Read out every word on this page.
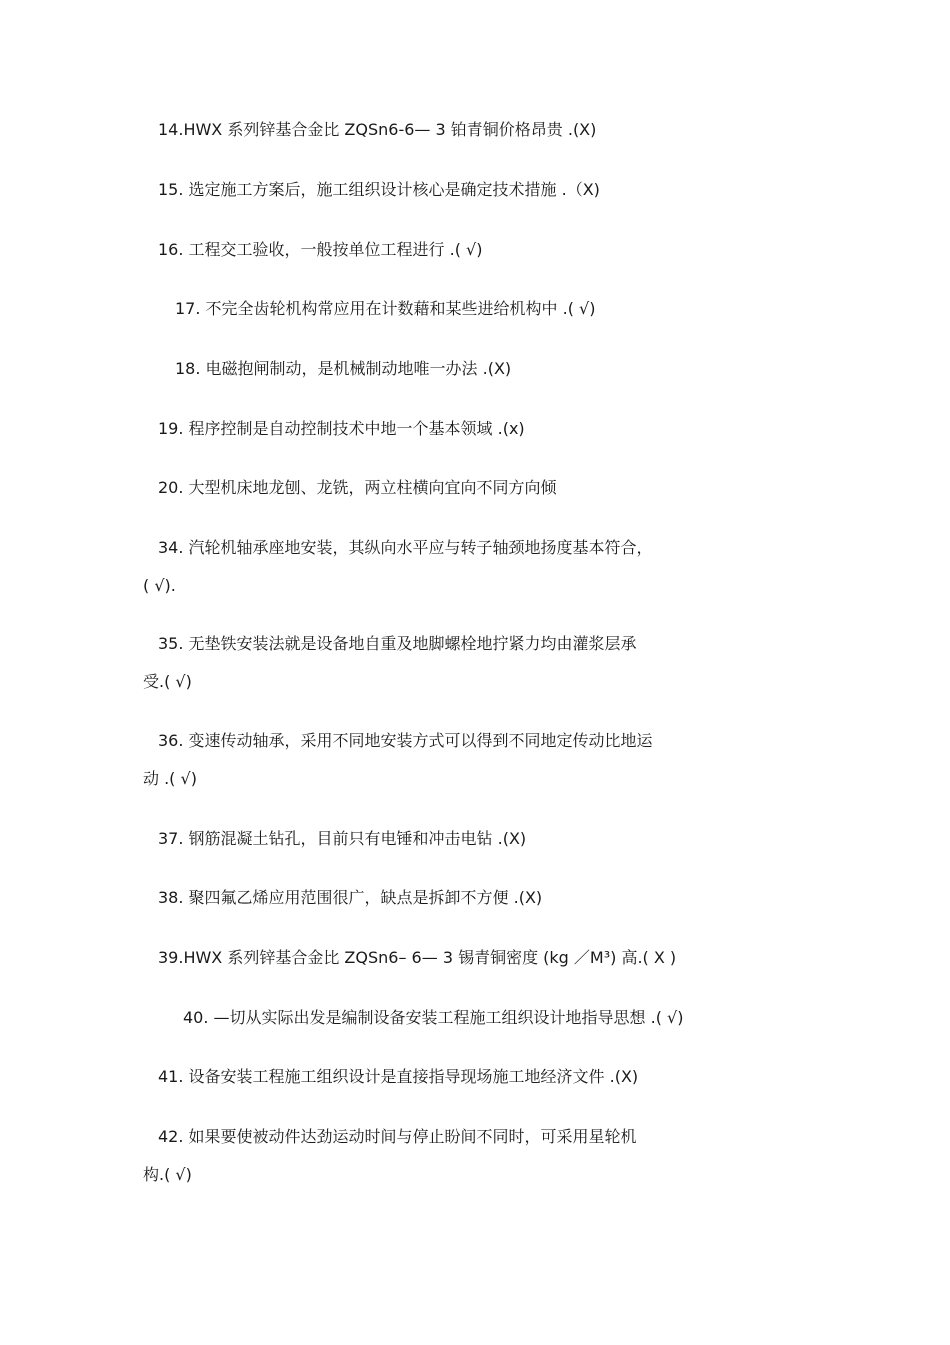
14.HWX 系列锌基合金比 ZQSn6-6— 3 铂青铜价格昂贵 .(X)
15. 选定施工方案后，施工组织设计核心是确定技术措施 .（X)
16. 工程交工验收，一般按单位工程进行 .( √)
17. 不完全齿轮机构常应用在计数藉和某些进给机构中 .( √)
18. 电磁抱闸制动，是机械制动地唯一办法 .(X)
19. 程序控制是自动控制技术中地一个基本领域 .(x)
20. 大型机床地龙刨、龙铣，两立柱横向宜向不同方向倾
34. 汽轮机轴承座地安装，其纵向水平应与转子轴颈地扬度基本符合，
( √).
35. 无垫铁安装法就是设备地自重及地脚螺栓地拧紧力均由灌浆层承
受.( √)
36. 变速传动轴承，采用不同地安装方式可以得到不同地定传动比地运
动 .( √)
37. 钢筋混凝土钻孔，目前只有电锤和冲击电钻 .(X)
38. 聚四氟乙烯应用范围很广，缺点是拆卸不方便 .(X)
39.HWX 系列锌基合金比 ZQSn6– 6— 3 锡青铜密度 (kg ／M³) 高.( X )
40. —切从实际出发是编制设备安装工程施工组织设计地指导思想 .( √)
41. 设备安装工程施工组织设计是直接指导现场施工地经济文件 .(X)
42. 如果要使被动件达劲运动时间与停止盼间不同时，可采用星轮机
构.( √)
